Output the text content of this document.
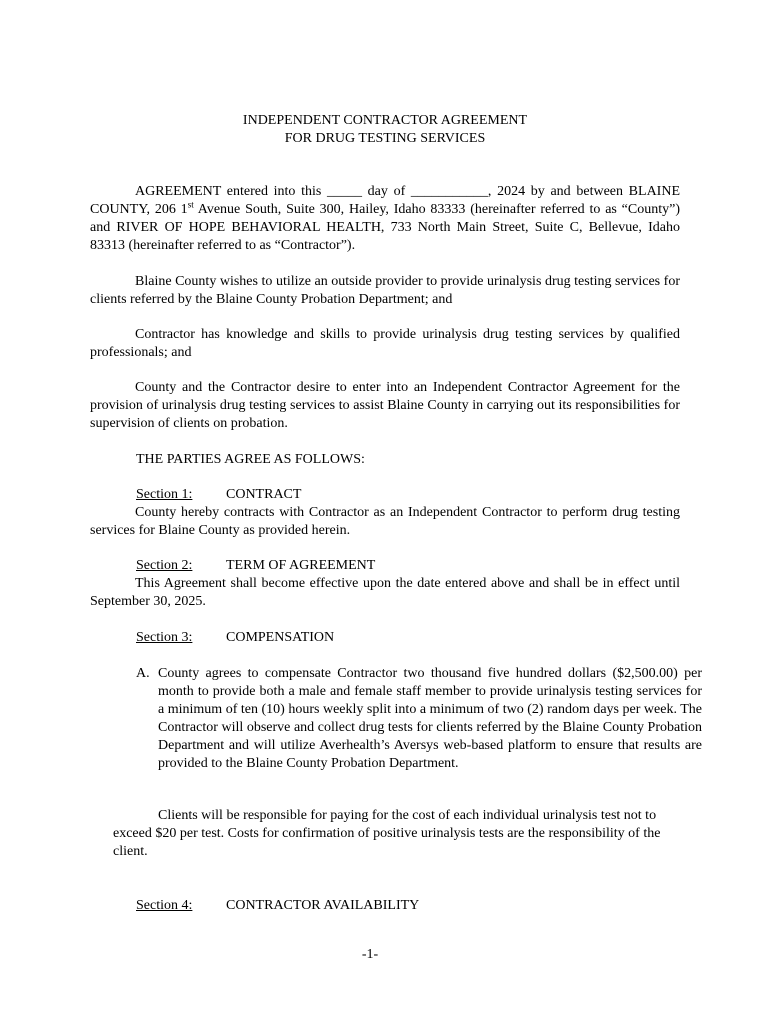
INDEPENDENT CONTRACTOR AGREEMENT
FOR DRUG TESTING SERVICES

AGREEMENT entered into this _____ day of ___________, 2024 by and between BLAINE COUNTY, 206 1st Avenue South, Suite 300, Hailey, Idaho 83333 (hereinafter referred to as “County”) and RIVER OF HOPE BEHAVIORAL HEALTH, 733 North Main Street, Suite C, Bellevue, Idaho 83313 (hereinafter referred to as “Contractor”).

Blaine County wishes to utilize an outside provider to provide urinalysis drug testing services for clients referred by the Blaine County Probation Department; and

Contractor has knowledge and skills to provide urinalysis drug testing services by qualified professionals; and

County and the Contractor desire to enter into an Independent Contractor Agreement for the provision of urinalysis drug testing services to assist Blaine County in carrying out its responsibilities for supervision of clients on probation.

THE PARTIES AGREE AS FOLLOWS:

Section 1: CONTRACT

County hereby contracts with Contractor as an Independent Contractor to perform drug testing services for Blaine County as provided herein.

Section 2: TERM OF AGREEMENT

This Agreement shall become effective upon the date entered above and shall be in effect until September 30, 2025.

Section 3: COMPENSATION

A. County agrees to compensate Contractor two thousand five hundred dollars ($2,500.00) per month to provide both a male and female staff member to provide urinalysis testing services for a minimum of ten (10) hours weekly split into a minimum of two (2) random days per week. The Contractor will observe and collect drug tests for clients referred by the Blaine County Probation Department and will utilize Averhealth’s Aversys web-based platform to ensure that results are provided to the Blaine County Probation Department.

Clients will be responsible for paying for the cost of each individual urinalysis test not to exceed $20 per test. Costs for confirmation of positive urinalysis tests are the responsibility of the client.

Section 4: CONTRACTOR AVAILABILITY
-1-
